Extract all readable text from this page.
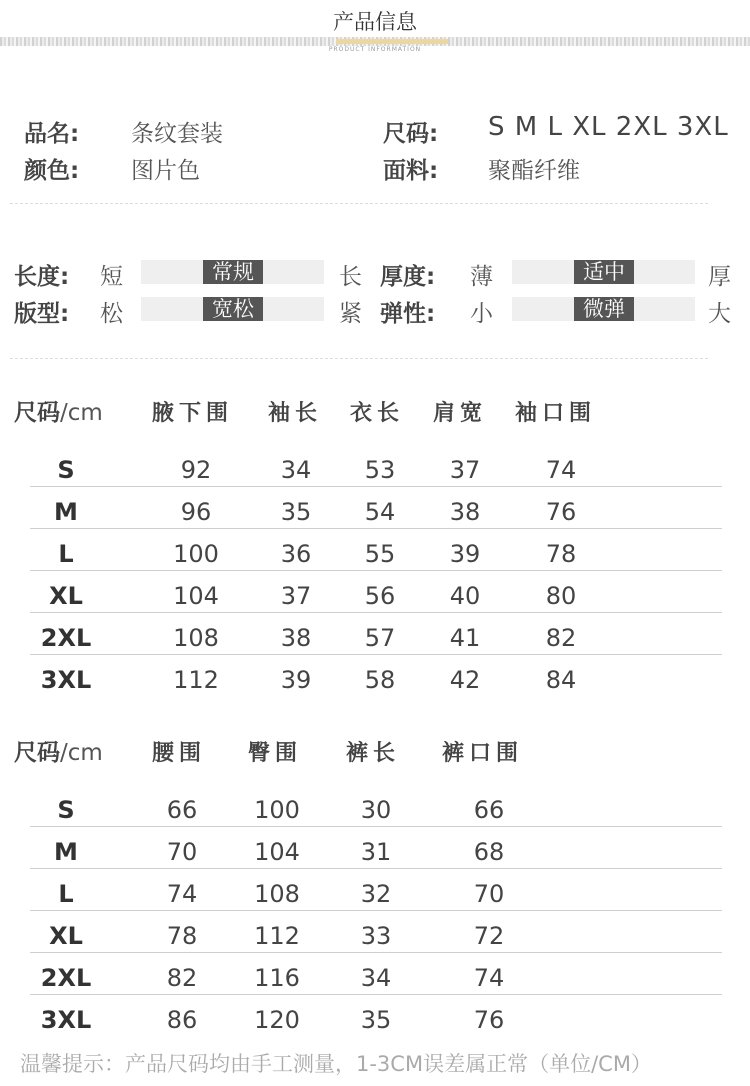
产品信息
PRODUCT INFORMATION
品名: 条纹套装
颜色: 图片色
尺码: S M L XL 2XL 3XL
面料: 聚酯纤维
长度: 短	常规	长
版型: 松	宽松	紧
厚度: 薄	适中	厚
弹性: 小	微弹	大
尺码/cm 腋下围 袖长 衣长 肩宽 袖口围
S	92	34	53	37	74
M	96	35	54	38	76
L	100	36	55	39	78
XL	104	37	56	40	80
2XL	108	38	57	41	82
3XL	112	39	58	42	84
尺码/cm 腰围 臀围 裤长 裤口围
S	66	100	30	66
M	70	104	31	68
L	74	108	32	70
XL	78	112	33	72
2XL	82	116	34	74
3XL	86	120	35	76
温馨提示：产品尺码均由手工测量，1-3CM误差属正常（单位/CM）
